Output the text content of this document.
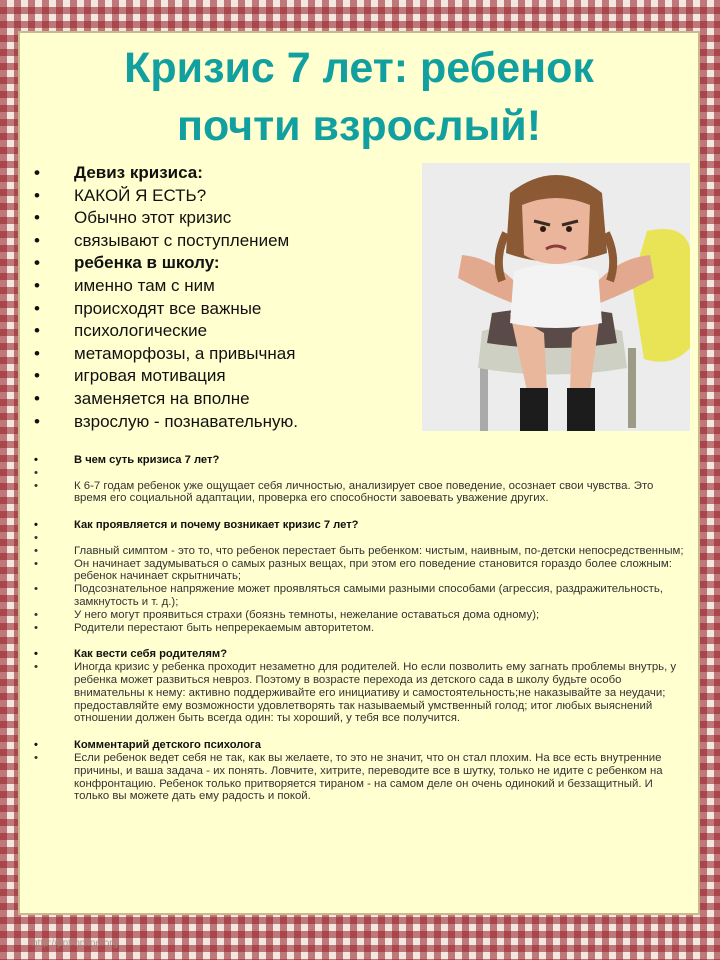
Кризис 7 лет: ребенок
почти взрослый!
• Девиз кризиса:
• КАКОЙ Я ЕСТЬ?
• Обычно этот кризис
• связывают с поступлением
• ребенка в школу:
• именно там с ним
• происходят все важные
• психологические
• метаморфозы, а привычная
• игровая мотивация
• заменяется на вполне
• взрослую - познавательную.
• В чем суть кризиса 7 лет?
•
• К 6-7 годам ребенок уже ощущает себя личностью, анализирует свое поведение, осознает свои чувства. Это время его социальной адаптации, проверка его способности завоевать уважение других.
• Как проявляется и почему возникает кризис 7 лет?
•
• Главный симптом - это то, что ребенок перестает быть ребенком: чистым, наивным, по-детски непосредственным;
• Он начинает задумываться о самых разных вещах, при этом его поведение становится гораздо более сложным: ребенок начинает скрытничать;
• Подсознательное напряжение может проявляться самыми разными способами (агрессия, раздражительность, замкнутость и т. д.);
• У него могут проявиться страхи (боязнь темноты, нежелание оставаться дома одному);
• Родители перестают быть непререкаемым авторитетом.
• Как вести себя родителям?
• Иногда кризис у ребенка проходит незаметно для родителей. Но если позволить ему загнать проблемы внутрь, у ребенка может развиться невроз. Поэтому в возрасте перехода из детского сада в школу будьте особо внимательны к нему: активно поддерживайте его инициативу и самостоятельность;не наказывайте за неудачи; предоставляйте ему возможности удовлетворять так называемый умственный голод; итог любых выяснений отношении должен быть всегда один: ты хороший, у тебя все получится.
• Комментарий детского психолога
• Если ребенок ведет себя не так, как вы желаете, то это не значит, что он стал плохим. На все есть внутренние причины, и ваша задача - их понять. Ловчите, хитрите, переводите все в шутку, только не идите с ребенком на конфронтацию. Ребенок только притворяется тираном - на самом деле он очень одинокий и беззащитный. И только вы можете дать ему радость и покой.
http://ppt-online.org
